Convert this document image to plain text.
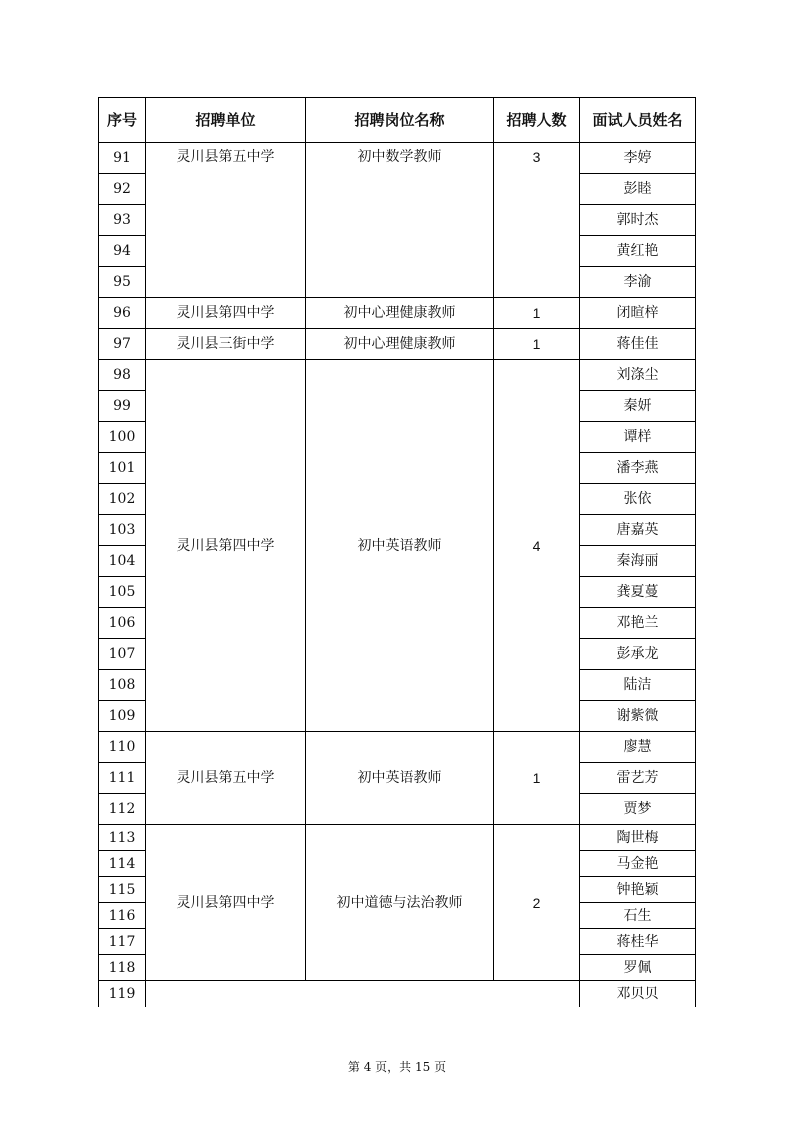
序号	招聘单位	招聘岗位名称	招聘人数	面试人员姓名
91	灵川县第五中学	初中数学教师	3	李婷
92				彭睦
93				郭时杰
94				黄红艳
95				李渝
96	灵川县第四中学	初中心理健康教师	1	闭暄梓
97	灵川县三街中学	初中心理健康教师	1	蒋佳佳
98	灵川县第四中学	初中英语教师	4	刘涤尘
99				秦妍
100				谭样
101				潘李燕
102				张依
103				唐嘉英
104				秦海丽
105				龚夏蔓
106				邓艳兰
107				彭承龙
108				陆洁
109				谢紫微
110	灵川县第五中学	初中英语教师	1	廖慧
111				雷艺芳
112				贾梦
113	灵川县第四中学	初中道德与法治教师	2	陶世梅
114				马金艳
115				钟艳颖
116				石生
117				蒋桂华
118				罗佩
119				邓贝贝
第 4 页，共 15 页
